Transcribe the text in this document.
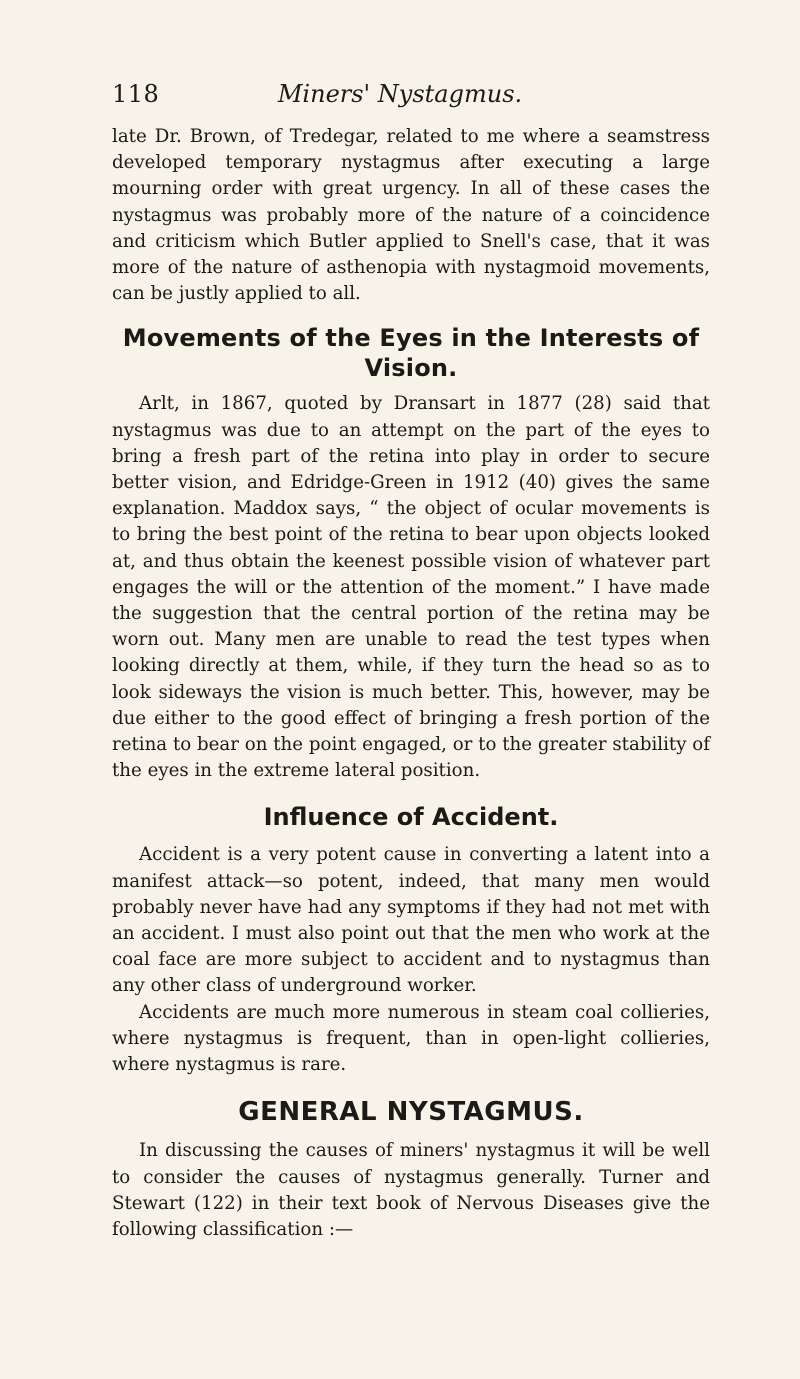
118	Miners' Nystagmus.

late Dr. Brown, of Tredegar, related to me where a seamstress developed temporary nystagmus after executing a large mourning order with great urgency. In all of these cases the nystagmus was probably more of the nature of a coincidence and criticism which Butler applied to Snell's case, that it was more of the nature of asthenopia with nystagmoid movements, can be justly applied to all.

Movements of the Eyes in the Interests of Vision.

Arlt, in 1867, quoted by Dransart in 1877 (28) said that nystagmus was due to an attempt on the part of the eyes to bring a fresh part of the retina into play in order to secure better vision, and Edridge-Green in 1912 (40) gives the same explanation. Maddox says, “ the object of ocular movements is to bring the best point of the retina to bear upon objects looked at, and thus obtain the keenest possible vision of whatever part engages the will or the attention of the moment.” I have made the suggestion that the central portion of the retina may be worn out. Many men are unable to read the test types when looking directly at them, while, if they turn the head so as to look sideways the vision is much better. This, however, may be due either to the good effect of bringing a fresh portion of the retina to bear on the point engaged, or to the greater stability of the eyes in the extreme lateral position.

Influence of Accident.

Accident is a very potent cause in converting a latent into a manifest attack—so potent, indeed, that many men would probably never have had any symptoms if they had not met with an accident. I must also point out that the men who work at the coal face are more subject to accident and to nystagmus than any other class of underground worker.

Accidents are much more numerous in steam coal collieries, where nystagmus is frequent, than in open-light collieries, where nystagmus is rare.

GENERAL NYSTAGMUS.

In discussing the causes of miners' nystagmus it will be well to consider the causes of nystagmus generally. Turner and Stewart (122) in their text book of Nervous Diseases give the following classification :—
